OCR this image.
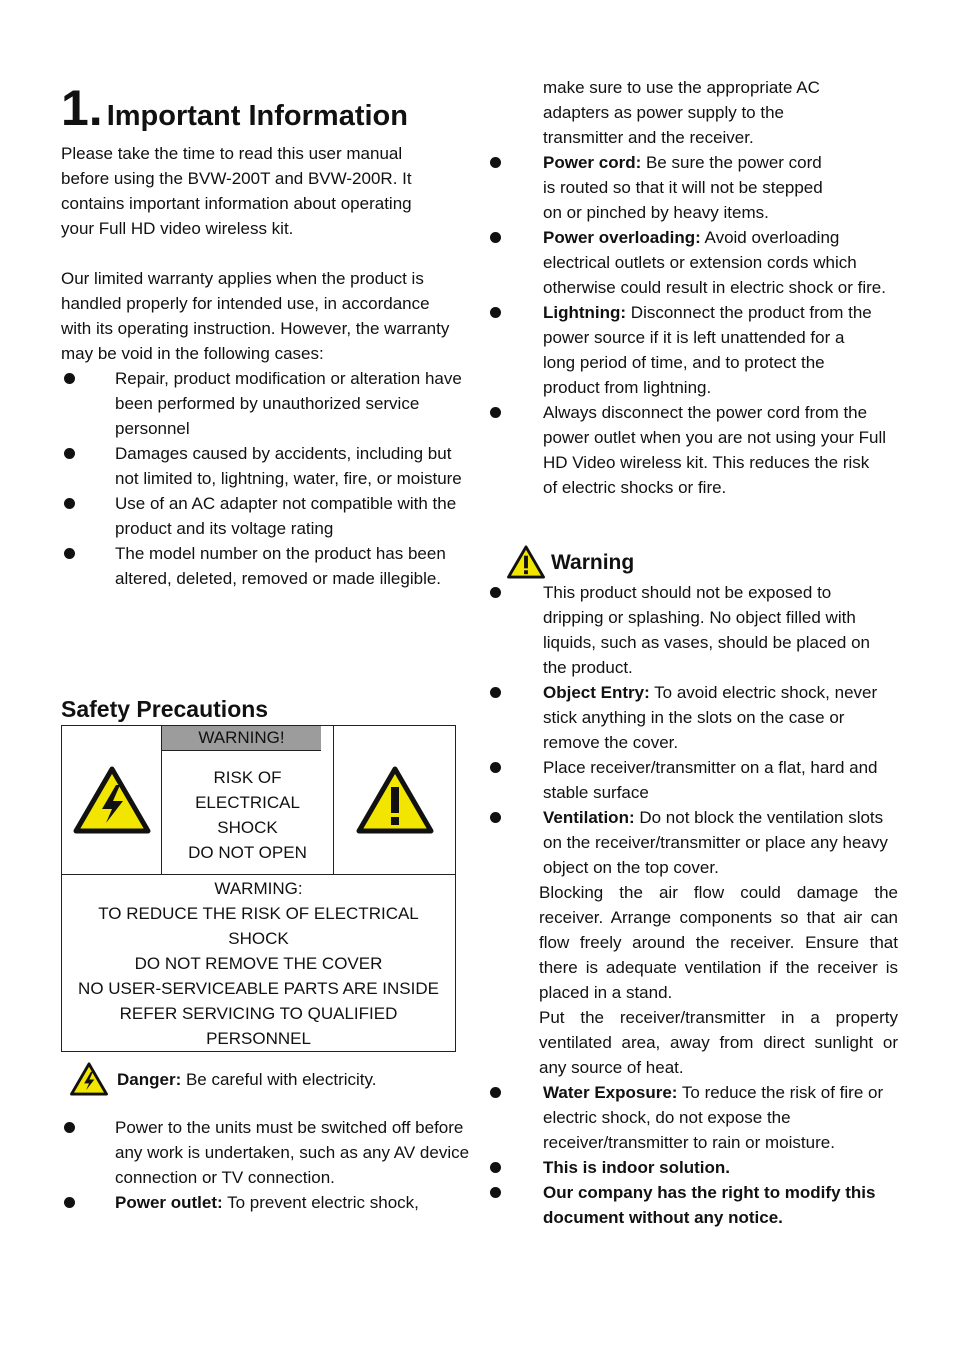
1. Important Information

Please take the time to read this user manual before using the BVW-200T and BVW-200R. It contains important information about operating your Full HD video wireless kit.

Our limited warranty applies when the product is handled properly for intended use, in accordance with its operating instruction. However, the warranty may be void in the following cases:

Repair, product modification or alteration have been performed by unauthorized service personnel
Damages caused by accidents, including but not limited to, lightning, water, fire, or moisture
Use of an AC adapter not compatible with the product and its voltage rating
The model number on the product has been altered, deleted, removed or made illegible.
Safety Precautions
WARNING!
RISK OF
ELECTRICAL
SHOCK
DO NOT OPEN
WARMING:
TO REDUCE THE RISK OF ELECTRICAL SHOCK
DO NOT REMOVE THE COVER
NO USER-SERVICEABLE PARTS ARE INSIDE
REFER SERVICING TO QUALIFIED
PERSONNEL
Danger: Be careful with electricity.
Power to the units must be switched off before any work is undertaken, such as any AV device connection or TV connection.
Power outlet: To prevent electric shock,

make sure to use the appropriate AC adapters as power supply to the transmitter and the receiver.

Power cord: Be sure the power cord is routed so that it will not be stepped on or pinched by heavy items.
Power overloading: Avoid overloading electrical outlets or extension cords which otherwise could result in electric shock or fire.
Lightning: Disconnect the product from the power source if it is left unattended for a long period of time, and to protect the product from lightning.
Always disconnect the power cord from the power outlet when you are not using your Full HD Video wireless kit. This reduces the risk of electric shocks or fire.
Warning
This product should not be exposed to dripping or splashing. No object filled with liquids, such as vases, should be placed on the product.
Object Entry: To avoid electric shock, never stick anything in the slots on the case or remove the cover.
Place receiver/transmitter on a flat, hard and stable surface
Ventilation: Do not block the ventilation slots on the receiver/transmitter or place any heavy object on the top cover.

Blocking the air flow could damage the receiver. Arrange components so that air can flow freely around the receiver. Ensure that there is adequate ventilation if the receiver is placed in a stand.

Put the receiver/transmitter in a property ventilated area, away from direct sunlight or any source of heat.

Water Exposure: To reduce the risk of fire or electric shock, do not expose the receiver/transmitter to rain or moisture.
This is indoor solution.
Our company has the right to modify this document without any notice.
